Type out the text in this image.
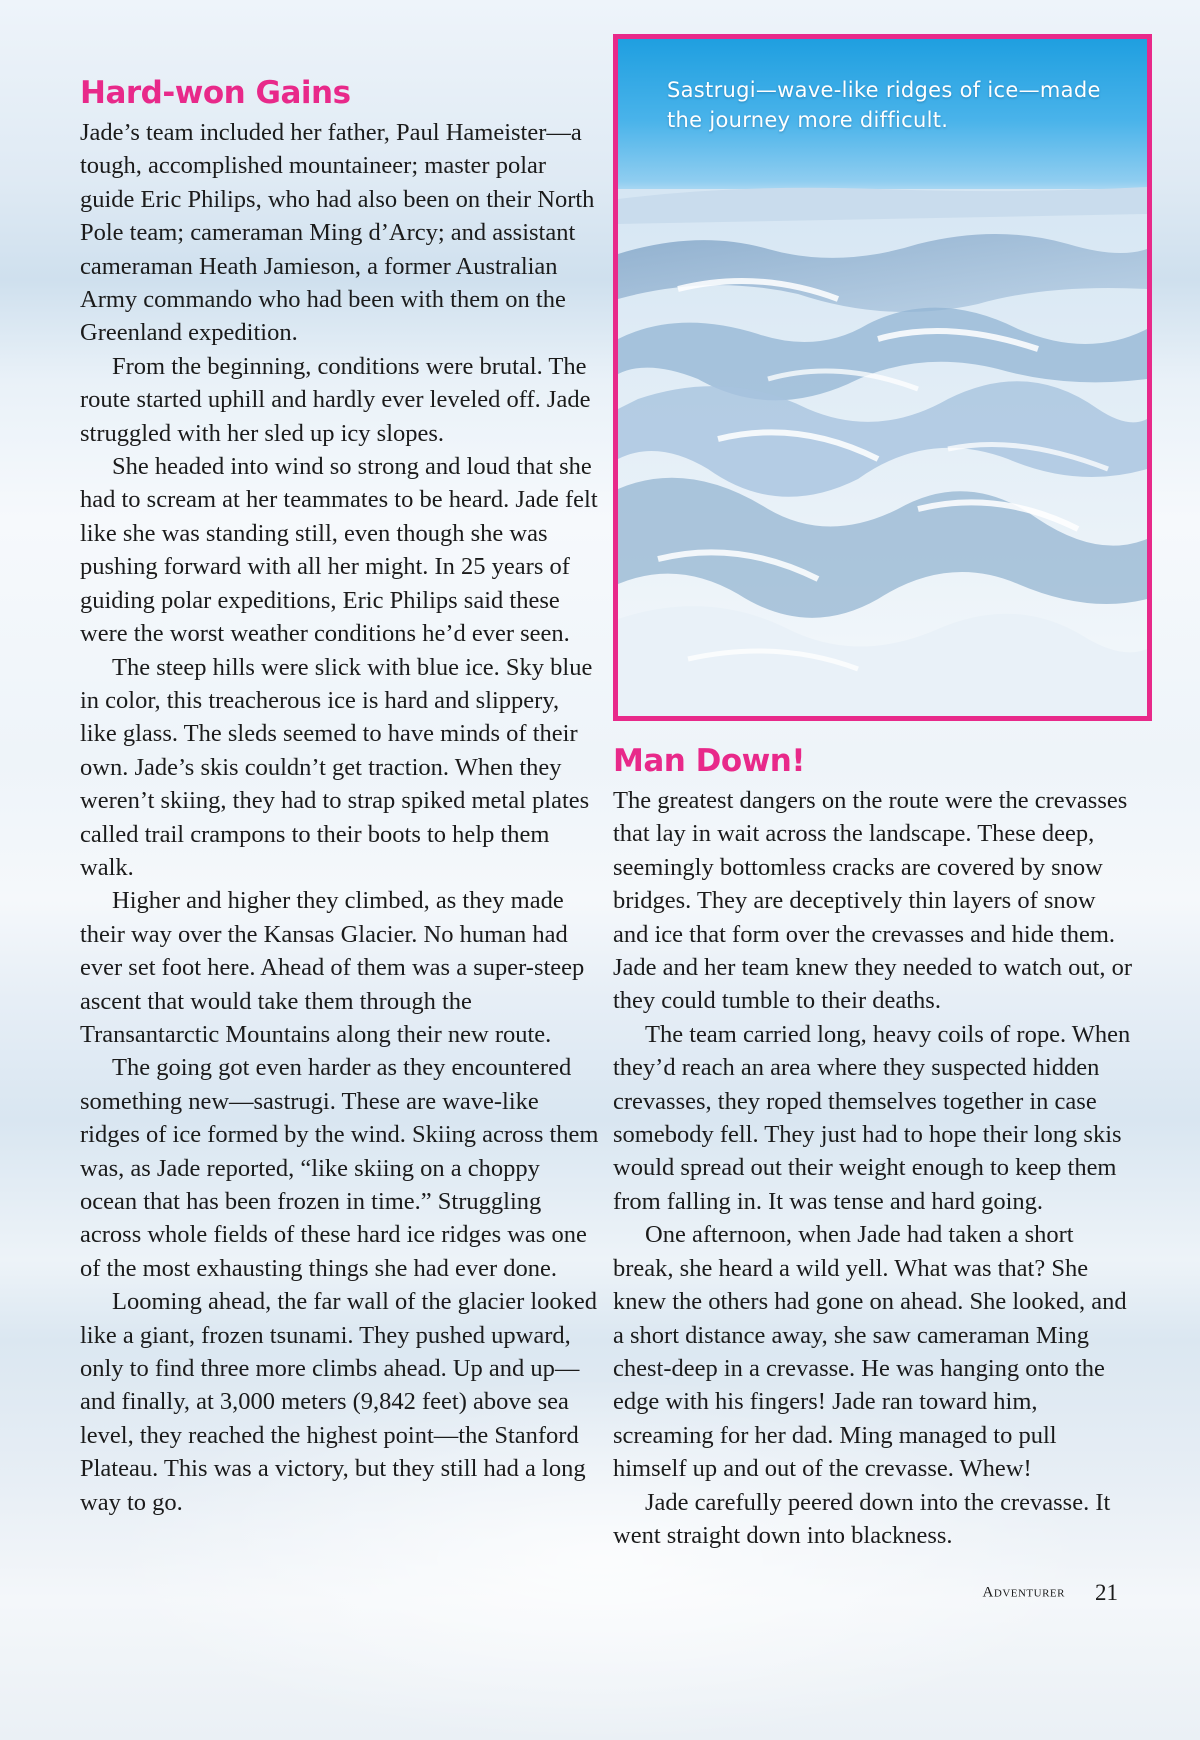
Hard-won Gains

Jade’s team included her father, Paul Hameister—a tough, accomplished mountaineer; master polar guide Eric Philips, who had also been on their North Pole team; cameraman Ming d’Arcy; and assistant cameraman Heath Jamieson, a former Australian Army commando who had been with them on the Greenland expedition.

From the beginning, conditions were brutal. The route started uphill and hardly ever leveled off. Jade struggled with her sled up icy slopes.

She headed into wind so strong and loud that she had to scream at her teammates to be heard. Jade felt like she was standing still, even though she was pushing forward with all her might. In 25 years of guiding polar expeditions, Eric Philips said these were the worst weather conditions he’d ever seen.

The steep hills were slick with blue ice. Sky blue in color, this treacherous ice is hard and slippery, like glass. The sleds seemed to have minds of their own. Jade’s skis couldn’t get traction. When they weren’t skiing, they had to strap spiked metal plates called trail crampons to their boots to help them walk.

Higher and higher they climbed, as they made their way over the Kansas Glacier. No human had ever set foot here. Ahead of them was a super-steep ascent that would take them through the Transantarctic Mountains along their new route.

The going got even harder as they encountered something new—sastrugi. These are wave-like ridges of ice formed by the wind. Skiing across them was, as Jade reported, “like skiing on a choppy ocean that has been frozen in time.” Struggling across whole fields of these hard ice ridges was one of the most exhausting things she had ever done.

Looming ahead, the far wall of the glacier looked like a giant, frozen tsunami. They pushed upward, only to find three more climbs ahead. Up and up—and finally, at 3,000 meters (9,842 feet) above sea level, they reached the highest point—the Stanford Plateau. This was a victory, but they still had a long way to go.

Sastrugi—wave-like ridges of ice—made the journey more difficult.
Man Down!

The greatest dangers on the route were the crevasses that lay in wait across the landscape. These deep, seemingly bottomless cracks are covered by snow bridges. They are deceptively thin layers of snow and ice that form over the crevasses and hide them. Jade and her team knew they needed to watch out, or they could tumble to their deaths.

The team carried long, heavy coils of rope. When they’d reach an area where they suspected hidden crevasses, they roped themselves together in case somebody fell. They just had to hope their long skis would spread out their weight enough to keep them from falling in. It was tense and hard going.

One afternoon, when Jade had taken a short break, she heard a wild yell. What was that? She knew the others had gone on ahead. She looked, and a short distance away, she saw cameraman Ming chest-deep in a crevasse. He was hanging onto the edge with his fingers! Jade ran toward him, screaming for her dad. Ming managed to pull himself up and out of the crevasse. Whew!

Jade carefully peered down into the crevasse. It went straight down into blackness.

Adventurer 21
